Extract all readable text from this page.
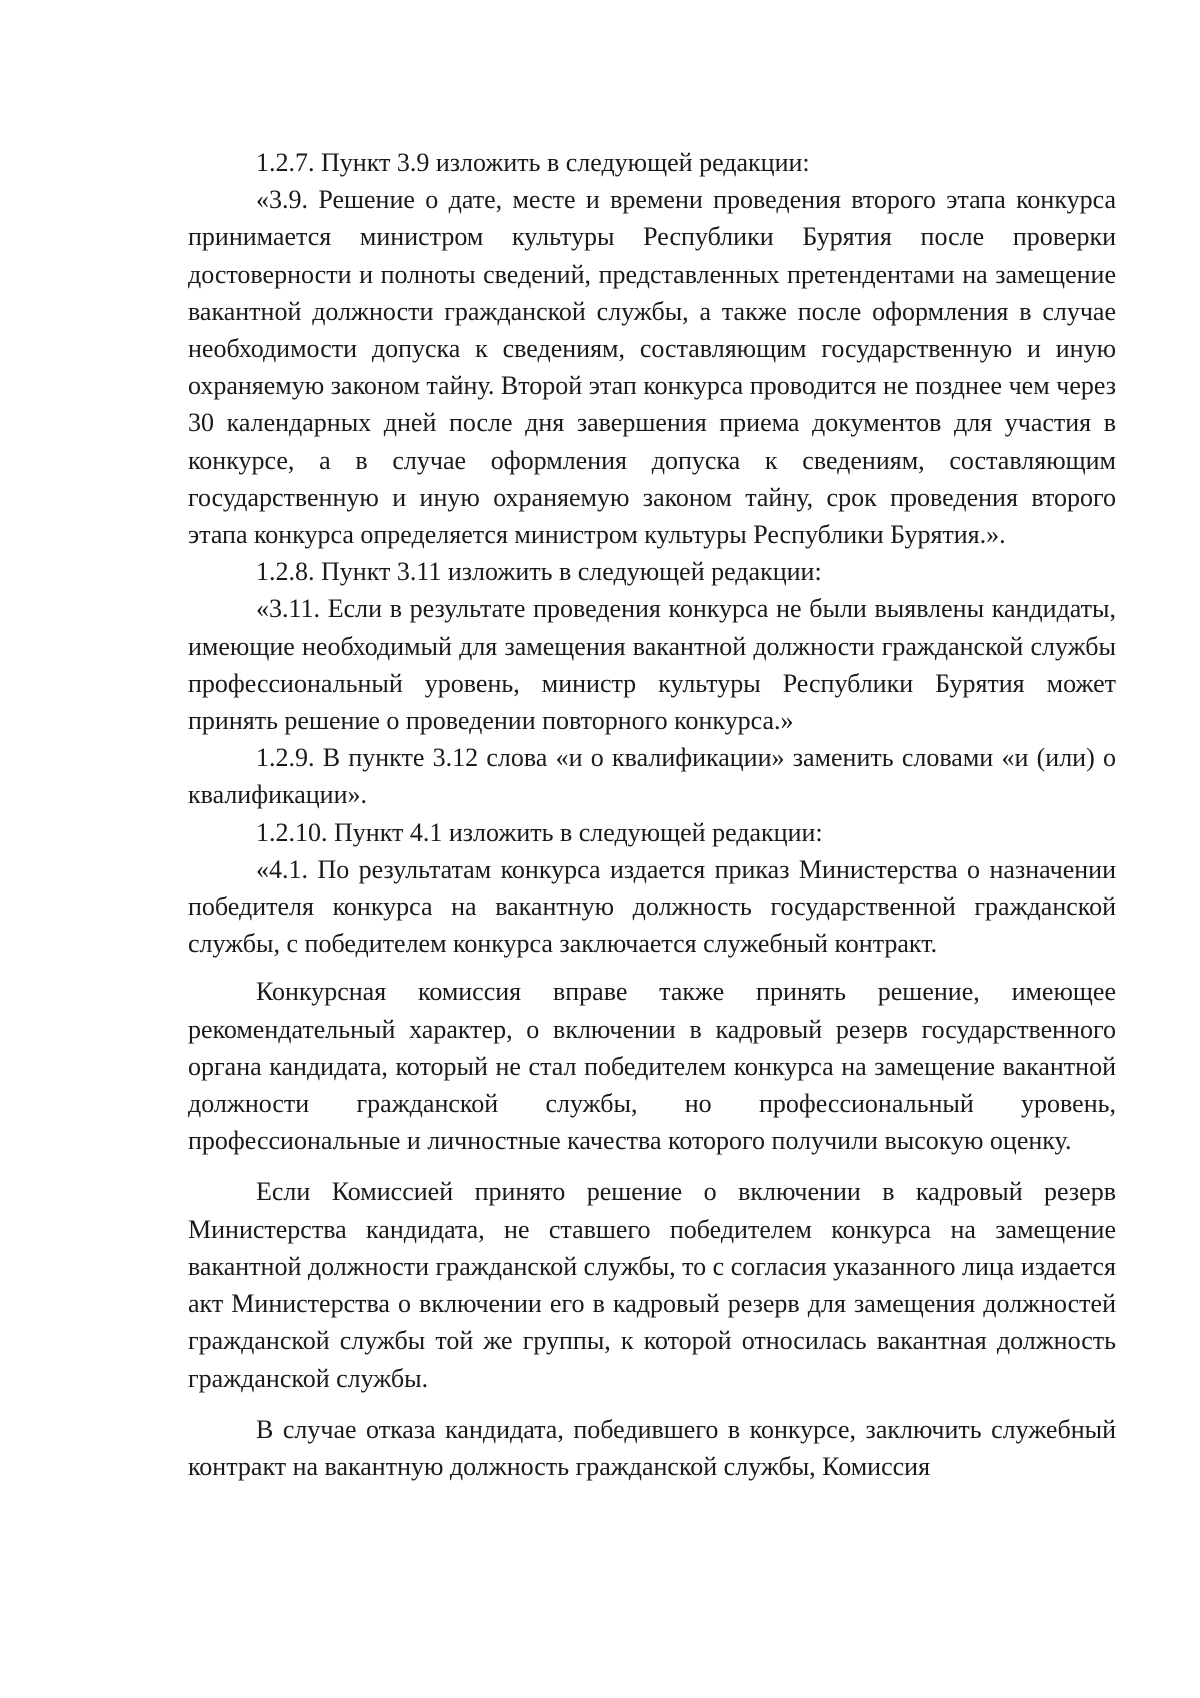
1.2.7. Пункт 3.9 изложить в следующей редакции:

«3.9. Решение о дате, месте и времени проведения второго этапа конкурса принимается министром культуры Республики Бурятия после проверки достоверности и полноты сведений, представленных претендентами на замещение вакантной должности гражданской службы, а также после оформления в случае необходимости допуска к сведениям, составляющим государственную и иную охраняемую законом тайну. Второй этап конкурса проводится не позднее чем через 30 календарных дней после дня завершения приема документов для участия в конкурсе, а в случае оформления допуска к сведениям, составляющим государственную и иную охраняемую законом тайну, срок проведения второго этапа конкурса определяется министром культуры Республики Бурятия.».

1.2.8. Пункт 3.11 изложить в следующей редакции:

«3.11. Если в результате проведения конкурса не были выявлены кандидаты, имеющие необходимый для замещения вакантной должности гражданской службы профессиональный уровень, министр культуры Республики Бурятия может принять решение о проведении повторного конкурса.»

1.2.9. В пункте 3.12 слова «и о квалификации» заменить словами «и (или) о квалификации».

1.2.10. Пункт 4.1 изложить в следующей редакции:

«4.1. По результатам конкурса издается приказ Министерства о назначении победителя конкурса на вакантную должность государственной гражданской службы, с победителем конкурса заключается служебный контракт.

Конкурсная комиссия вправе также принять решение, имеющее рекомендательный характер, о включении в кадровый резерв государственного органа кандидата, который не стал победителем конкурса на замещение вакантной должности гражданской службы, но профессиональный уровень, профессиональные и личностные качества которого получили высокую оценку.

Если Комиссией принято решение о включении в кадровый резерв Министерства кандидата, не ставшего победителем конкурса на замещение вакантной должности гражданской службы, то с согласия указанного лица издается акт Министерства о включении его в кадровый резерв для замещения должностей гражданской службы той же группы, к которой относилась вакантная должность гражданской службы.

В случае отказа кандидата, победившего в конкурсе, заключить служебный контракт на вакантную должность гражданской службы, Комиссия
